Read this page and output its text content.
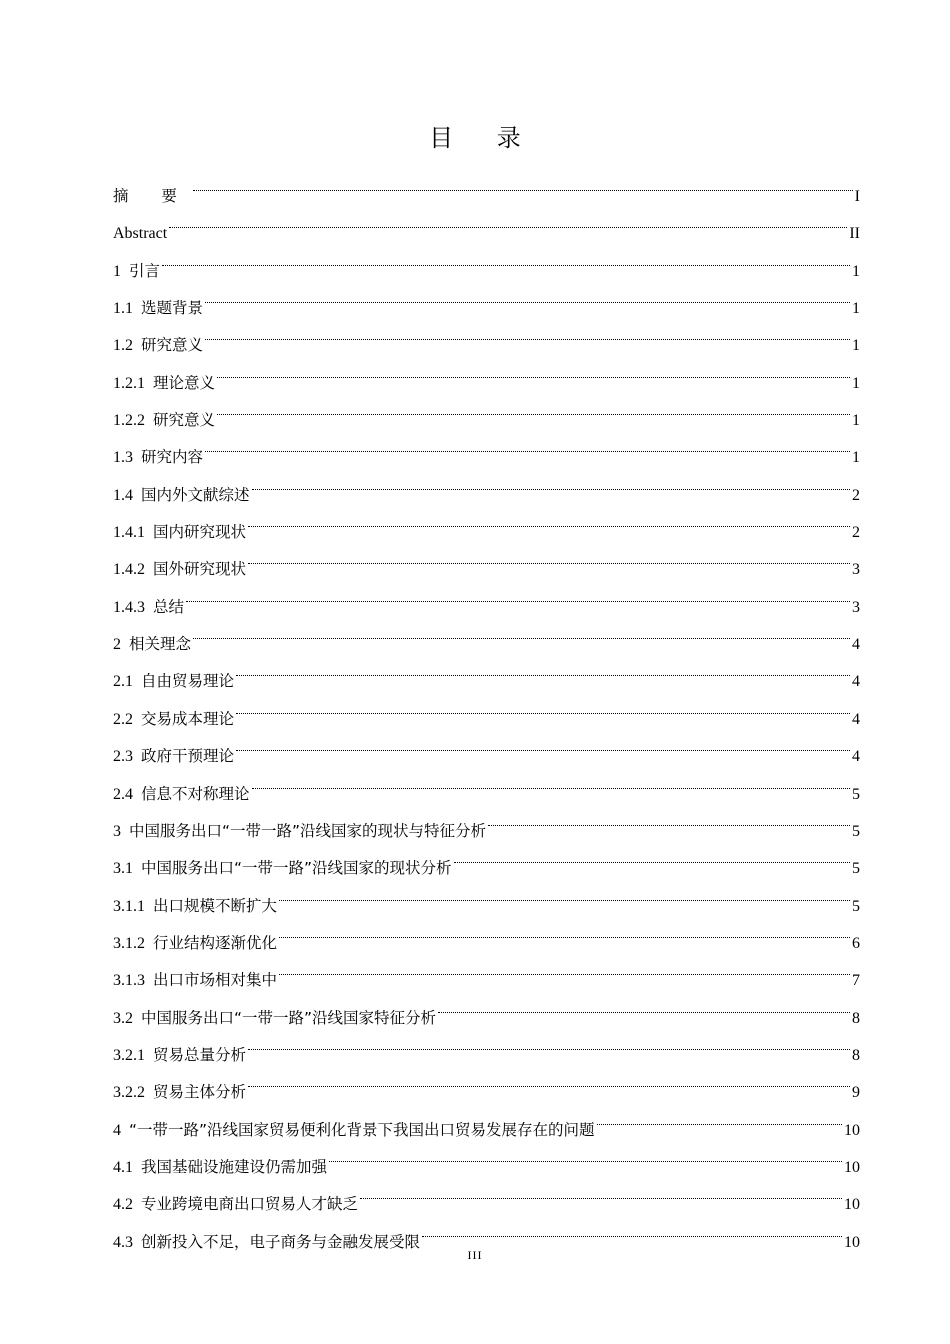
目 录
摘 要	I
Abstract	II
1 引言	1
1.1 选题背景	1
1.2 研究意义	1
1.2.1 理论意义	1
1.2.2 研究意义	1
1.3 研究内容	1
1.4 国内外文献综述	2
1.4.1 国内研究现状	2
1.4.2 国外研究现状	3
1.4.3 总结	3
2 相关理念	4
2.1 自由贸易理论	4
2.2 交易成本理论	4
2.3 政府干预理论	4
2.4 信息不对称理论	5
3 中国服务出口“一带一路”沿线国家的现状与特征分析	5
3.1 中国服务出口“一带一路”沿线国家的现状分析	5
3.1.1 出口规模不断扩大	5
3.1.2 行业结构逐渐优化	6
3.1.3 出口市场相对集中	7
3.2 中国服务出口“一带一路”沿线国家特征分析	8
3.2.1 贸易总量分析	8
3.2.2 贸易主体分析	9
4 “一带一路”沿线国家贸易便利化背景下我国出口贸易发展存在的问题	10
4.1 我国基础设施建设仍需加强	10
4.2 专业跨境电商出口贸易人才缺乏	10
4.3 创新投入不足，电子商务与金融发展受限	10
III
